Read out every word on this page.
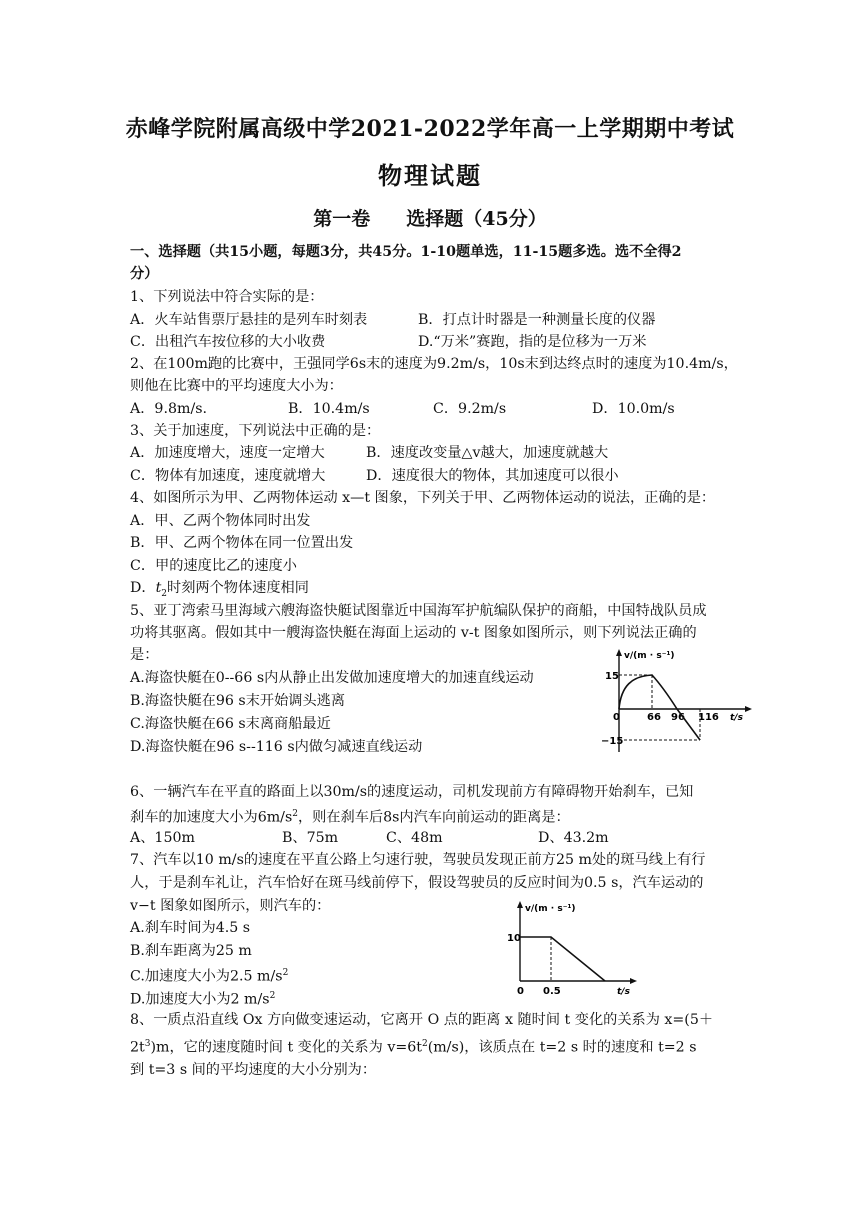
赤峰学院附属高级中学2021-2022学年高一上学期期中考试
物理试题
第一卷 选择题（45分）
一、选择题（共15小题，每题3分，共45分。1-10题单选，11-15题多选。选不全得2
分）
1、下列说法中符合实际的是：
A．火车站售票厅悬挂的是列车时刻表	B．打点计时器是一种测量长度的仪器
C．出租汽车按位移的大小收费	D.“万米”赛跑，指的是位移为一万米
2、在100m跑的比赛中，王强同学6s末的速度为9.2m/s，10s末到达终点时的速度为10.4m/s，
则他在比赛中的平均速度大小为：
A．9.8m/s.	B．10.4m/s	C．9.2m/s	D．10.0m/s
3、关于加速度，下列说法中正确的是：
A．加速度增大，速度一定增大	B．速度改变量△v越大，加速度就越大
C．物体有加速度，速度就增大	D．速度很大的物体，其加速度可以很小
4、如图所示为甲、乙两物体运动 x—t 图象，下列关于甲、乙两物体运动的说法，正确的是：
A．甲、乙两个物体同时出发
B．甲、乙两个物体在同一位置出发
C．甲的速度比乙的速度小
D．$t_2$时刻两个物体速度相同
5、亚丁湾索马里海域六艘海盗快艇试图靠近中国海军护航编队保护的商船，中国特战队员成
功将其驱离。假如其中一艘海盗快艇在海面上运动的 v-t 图象如图所示，则下列说法正确的
是：
A.海盗快艇在0--66 s内从静止出发做加速度增大的加速直线运动
B.海盗快艇在96 s末开始调头逃离
C.海盗快艇在66 s末离商船最近
D.海盗快艇在96 s--116 s内做匀减速直线运动
v/(m · s⁻¹)
t/s
15
−15
0	66 96 116
6、一辆汽车在平直的路面上以30m/s的速度运动，司机发现前方有障碍物开始刹车，已知
刹车的加速度大小为$6m/s^2$，则在刹车后8s内汽车向前运动的距离是：
A、150m	B、75m	C、48m	D、43.2m
7、汽车以10 m/s的速度在平直公路上匀速行驶，驾驶员发现正前方25 m处的斑马线上有行
人，于是刹车礼让，汽车恰好在斑马线前停下，假设驾驶员的反应时间为0.5 s，汽车运动的
v−t 图象如图所示，则汽车的：
A.刹车时间为4.5 s
B.刹车距离为25 m
C.加速度大小为2.5 $m/s^2$
D.加速度大小为2 $m/s^2$
v/(m · s⁻¹)
t/s
10
0 0.5
8、一质点沿直线 Ox 方向做变速运动，它离开 O 点的距离 x 随时间 t 变化的关系为 x=(5＋
$2t^3)m$，它的速度随时间 t 变化的关系为 $v=6t^2(m/s)$，该质点在 t=2 s 时的速度和 t=2 s
到 t=3 s 间的平均速度的大小分别为：
